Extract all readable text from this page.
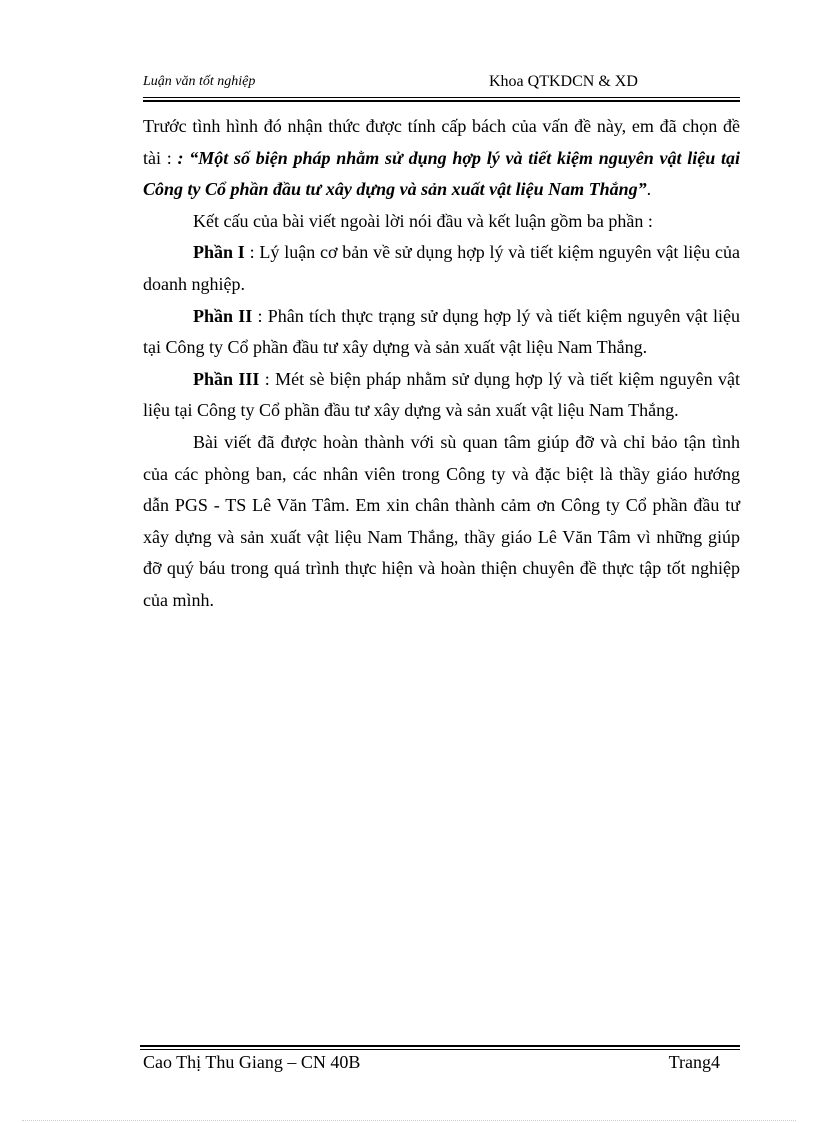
Luận văn tốt nghiệp	Khoa QTKDCN & XD

Trước tình hình đó nhận thức được tính cấp bách của vấn đề này, em đã chọn đề tài : : “Một số biện pháp nhằm sử dụng hợp lý và tiết kiệm nguyên vật liệu tại Công ty Cổ phần đầu tư xây dựng và sản xuất vật liệu Nam Thắng”.

Kết cấu của bài viết ngoài lời nói đầu và kết luận gồm ba phần :

Phần I : Lý luận cơ bản về sử dụng hợp lý và tiết kiệm nguyên vật liệu của doanh nghiệp.

Phần II : Phân tích thực trạng sử dụng hợp lý và tiết kiệm nguyên vật liệu tại Công ty Cổ phần đầu tư xây dựng và sản xuất vật liệu Nam Thắng.

Phần III : Mét sè biện pháp nhằm sử dụng hợp lý và tiết kiệm nguyên vật liệu tại Công ty Cổ phần đầu tư xây dựng và sản xuất vật liệu Nam Thắng.

Bài viết đã được hoàn thành với sù quan tâm giúp đỡ và chỉ bảo tận tình của các phòng ban, các nhân viên trong Công ty và đặc biệt là thầy giáo hướng dẫn PGS - TS Lê Văn Tâm. Em xin chân thành cảm ơn Công ty Cổ phần đầu tư xây dựng và sản xuất vật liệu Nam Thắng, thầy giáo Lê Văn Tâm vì những giúp đỡ quý báu trong quá trình thực hiện và hoàn thiện chuyên đề thực tập tốt nghiệp của mình.

Cao Thị Thu Giang – CN 40B	Trang4
